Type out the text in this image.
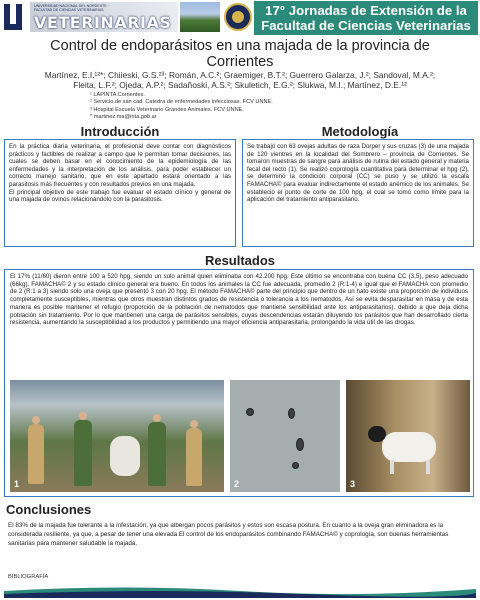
UNIVERSIDAD NACIONAL DEL NORDESTE · FACULTAD DE CIENCIAS VETERINARIAS
VETERINARIAS
17° Jornadas de Extensión de la
Facultad de Ciencias Veterinarias
Control de endoparásitos en una majada de la provincia de
Corrientes
Martínez, E.I.¹²*; Chiieski, G.S.²³; Román, A.C.²; Graemiger, B.T.²; Guerrero Galarza, J.²; Sandoval, M.A.²;
Fleita, L.F.²; Ojeda, A.P.²; Sadañoski, A.S.²; Skuletich, E.G.²; Slukwa, M.I.; Martínez, D.E.¹²
¹ LAPINTA Corrientes.
² Servicio de san cad. Catedra de enfermedades infecciosas. FCV UNNE.
³ Hospital Escuela Veterinario Grandes Animales. FCV UNNE.
* martinez.ma@inta.gob.ar
Introducción

En la práctica diaria veterinaria, el profesional deve contar con diagnósticos prácticos y factibles de realizar a campo que le permitan tomar decisiones, las cuales se deben basar en el conocimiento de la epidemiología de las enfermedades y la interpretación de los análisis, para poder establecer un correcto manejo sanitario, que en este apartado estará orientado a las parasitosis más frecuentes y con resultados previos en una majada.

El principal objetivo de este trabajo fue evaluar el estado clínico y general de una majada de ovinos relacionándolo con la parasitosis.

Metodología

Se trabajó con 63 ovejas adultas de raza Dorper y sus cruzas (3) de una majada de 120 vientres en la localidad del Sombrero – provincia de Corrientes. Se tomaron muestras de sangre para análisis de rutina del estado general y materia fecal del recto (1). Se realizó coprología cuantitativa para determinar el hpg (2), se determinó la condición corporal (CC) se puso y se utilizó la escala FAMACHA© para evaluar indirectamente el estado anémico de los animales. Se estableció el punto de corte de 100 hpg, el cual se tomó como límite para la aplicación del tratamiento antiparasitario.

Resultados

El 17% (11/60) dieron entre 100 a 520 hpg, siendo un solo animal quien eliminaba con 42.200 hpg. Este último se encontraba con buena CC (3,5), peso adecuado (66kg), FAMACHA© 2 y su estado clínico general era bueno. En todos los animales la CC fue adecuada, promedio 2 (R:1-4) e igual que el FAMACHA con promedio de 2 (R:1 a 3) siendo solo una oveja que presentó 3 con 20 hpg. El método FAMACHA© parte del principio que dentro de un hato existe una proporción de individuos completamente susceptibles, mientras que otros muestran distintos grados de resistencia o tolerancia a los nematodos. Así se evita desparasitar en masa y de esta manera es posible mantener el refugio (proporción de la población de nematodos que mantiene sensibilidad ante los antiparasitarios), debido a que deja dicha población sin tratamiento. Por lo que mantienen una carga de parásitos sensibles, cuyas descendencias estarán diluyendo los parásitos que han desarrollado cierta resistencia, aumentando la susceptibilidad a los productos y permitiendo una mayor eficiencia antiparasitaria, prolongando la vida útil de las drogas.

1	2	3
Conclusiones
El 83% de la majada fue tolerante a la infestación, ya que albergan pocos parásitos y estos son escasa postura. En cuanto a la oveja gran eliminadora es la considerada resiliente, ya que, a pesar de tener una elevada El control de los endoparásitos combinando FAMACHA© y coprología, son buenas herramientas sanitarias para mantener saludable la majada.
BIBLIOGRAFÍA
